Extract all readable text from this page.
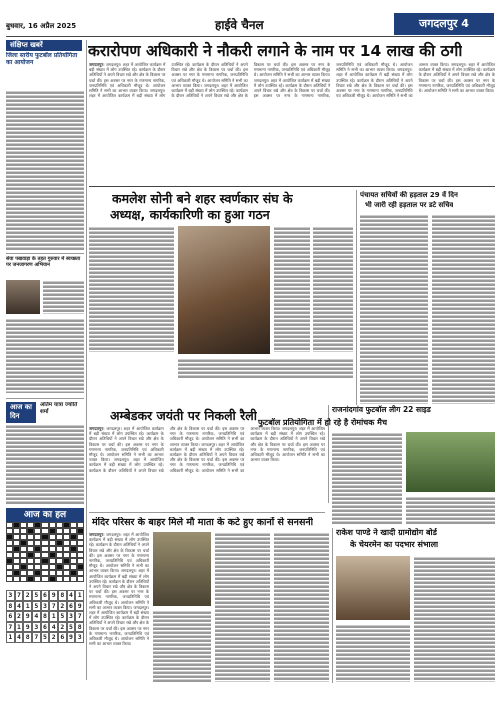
बुधवार, 16 अप्रैल 2025	हाईवे चैनल	जगदलपुर 4
करारोपण अधिकारी ने नौकरी लगाने के नाम पर 14 लाख की ठगी
संक्षिप्त खबरें
जिला स्तरीय फुटबॉल प्रतियोगिता का आयोजन
सेवा पखवाड़ा के तहत गुरुवार में स्वच्छता पर जनजागरण अभियान
जगदलपुर। जगदलपुर। शहर में आयोजित कार्यक्रम में बड़ी संख्या में लोग उपस्थित रहे। कार्यक्रम के दौरान अतिथियों ने अपने विचार रखे और क्षेत्र के विकास पर चर्चा की। इस अवसर पर नगर के गणमान्य नागरिक, जनप्रतिनिधि एवं अधिकारी मौजूद थे। आयोजन समिति ने सभी का आभार व्यक्त किया। जगदलपुर। शहर में आयोजित कार्यक्रम में बड़ी संख्या में लोग उपस्थित रहे। कार्यक्रम के दौरान अतिथियों ने अपने विचार रखे और क्षेत्र के विकास पर चर्चा की। इस अवसर पर नगर के गणमान्य नागरिक, जनप्रतिनिधि एवं अधिकारी मौजूद थे। आयोजन समिति ने सभी का आभार व्यक्त किया। जगदलपुर। शहर में आयोजित कार्यक्रम में बड़ी संख्या में लोग उपस्थित रहे। कार्यक्रम के दौरान अतिथियों ने अपने विचार रखे और क्षेत्र के विकास पर चर्चा की। इस अवसर पर नगर के गणमान्य नागरिक, जनप्रतिनिधि एवं अधिकारी मौजूद थे। आयोजन समिति ने सभी का आभार व्यक्त किया। जगदलपुर। शहर में आयोजित कार्यक्रम में बड़ी संख्या में लोग उपस्थित रहे। कार्यक्रम के दौरान अतिथियों ने अपने विचार रखे और क्षेत्र के विकास पर चर्चा की। इस अवसर पर नगर के गणमान्य नागरिक, जनप्रतिनिधि एवं अधिकारी मौजूद थे। आयोजन समिति ने सभी का आभार व्यक्त किया। जगदलपुर। शहर में आयोजित कार्यक्रम में बड़ी संख्या में लोग उपस्थित रहे। कार्यक्रम के दौरान अतिथियों ने अपने विचार रखे और क्षेत्र के विकास पर चर्चा की। इस अवसर पर नगर के गणमान्य नागरिक, जनप्रतिनिधि एवं अधिकारी मौजूद थे। आयोजन समिति ने सभी का आभार व्यक्त किया। जगदलपुर। शहर में आयोजित कार्यक्रम में बड़ी संख्या में लोग उपस्थित रहे। कार्यक्रम के दौरान अतिथियों ने अपने विचार रखे और क्षेत्र के विकास पर चर्चा की। इस अवसर पर नगर के गणमान्य नागरिक, जनप्रतिनिधि एवं अधिकारी मौजूद थे। आयोजन समिति ने सभी का आभार व्यक्त किया।
कमलेश सोनी बने शहर स्वर्णकार संघ के
अध्यक्ष, कार्यकारिणी का हुआ गठन
पंचायत सचिवों की हड़ताल 29 वें दिन
भी जारी रही हड़ताल पर डटे सचिव
आज का दिन
अंतिम यात्रा ज्योति शर्मा
आज का हल
3 7 2 5 6 9 8 4 1
8 4 1 5 3 7 2 6 9
6 2 9 4 8 1 5 3 7
7 1 9 3 6 4 2 5 8
1 4 8 7 5 2 6 9 3
अम्बेडकर जयंती पर निकली रैली
जगदलपुर। जगदलपुर। शहर में आयोजित कार्यक्रम में बड़ी संख्या में लोग उपस्थित रहे। कार्यक्रम के दौरान अतिथियों ने अपने विचार रखे और क्षेत्र के विकास पर चर्चा की। इस अवसर पर नगर के गणमान्य नागरिक, जनप्रतिनिधि एवं अधिकारी मौजूद थे। आयोजन समिति ने सभी का आभार व्यक्त किया। जगदलपुर। शहर में आयोजित कार्यक्रम में बड़ी संख्या में लोग उपस्थित रहे। कार्यक्रम के दौरान अतिथियों ने अपने विचार रखे और क्षेत्र के विकास पर चर्चा की। इस अवसर पर नगर के गणमान्य नागरिक, जनप्रतिनिधि एवं अधिकारी मौजूद थे। आयोजन समिति ने सभी का आभार व्यक्त किया। जगदलपुर। शहर में आयोजित कार्यक्रम में बड़ी संख्या में लोग उपस्थित रहे। कार्यक्रम के दौरान अतिथियों ने अपने विचार रखे और क्षेत्र के विकास पर चर्चा की। इस अवसर पर नगर के गणमान्य नागरिक, जनप्रतिनिधि एवं अधिकारी मौजूद थे। आयोजन समिति ने सभी का आभार व्यक्त किया। जगदलपुर। शहर में आयोजित कार्यक्रम में बड़ी संख्या में लोग उपस्थित रहे। कार्यक्रम के दौरान अतिथियों ने अपने विचार रखे और क्षेत्र के विकास पर चर्चा की। इस अवसर पर नगर के गणमान्य नागरिक, जनप्रतिनिधि एवं अधिकारी मौजूद थे। आयोजन समिति ने सभी का आभार व्यक्त किया।
राजनांदगांव फुटबॉल लीग 22 साइड
फुटबॉल प्रतियोगिता में हो रहे है रोमांचक मैच
मंदिर परिसर के बाहर मिले मौ माता के कटे हुए कानों से सनसनी
जगदलपुर। जगदलपुर। शहर में आयोजित कार्यक्रम में बड़ी संख्या में लोग उपस्थित रहे। कार्यक्रम के दौरान अतिथियों ने अपने विचार रखे और क्षेत्र के विकास पर चर्चा की। इस अवसर पर नगर के गणमान्य नागरिक, जनप्रतिनिधि एवं अधिकारी मौजूद थे। आयोजन समिति ने सभी का आभार व्यक्त किया। जगदलपुर। शहर में आयोजित कार्यक्रम में बड़ी संख्या में लोग उपस्थित रहे। कार्यक्रम के दौरान अतिथियों ने अपने विचार रखे और क्षेत्र के विकास पर चर्चा की। इस अवसर पर नगर के गणमान्य नागरिक, जनप्रतिनिधि एवं अधिकारी मौजूद थे। आयोजन समिति ने सभी का आभार व्यक्त किया। जगदलपुर। शहर में आयोजित कार्यक्रम में बड़ी संख्या में लोग उपस्थित रहे। कार्यक्रम के दौरान अतिथियों ने अपने विचार रखे और क्षेत्र के विकास पर चर्चा की। इस अवसर पर नगर के गणमान्य नागरिक, जनप्रतिनिधि एवं अधिकारी मौजूद थे। आयोजन समिति ने सभी का आभार व्यक्त किया।
राकेश पाण्डे ने खादी ग्रामोद्योग बोर्ड
के चेयरमेन का पदभार संभाला
